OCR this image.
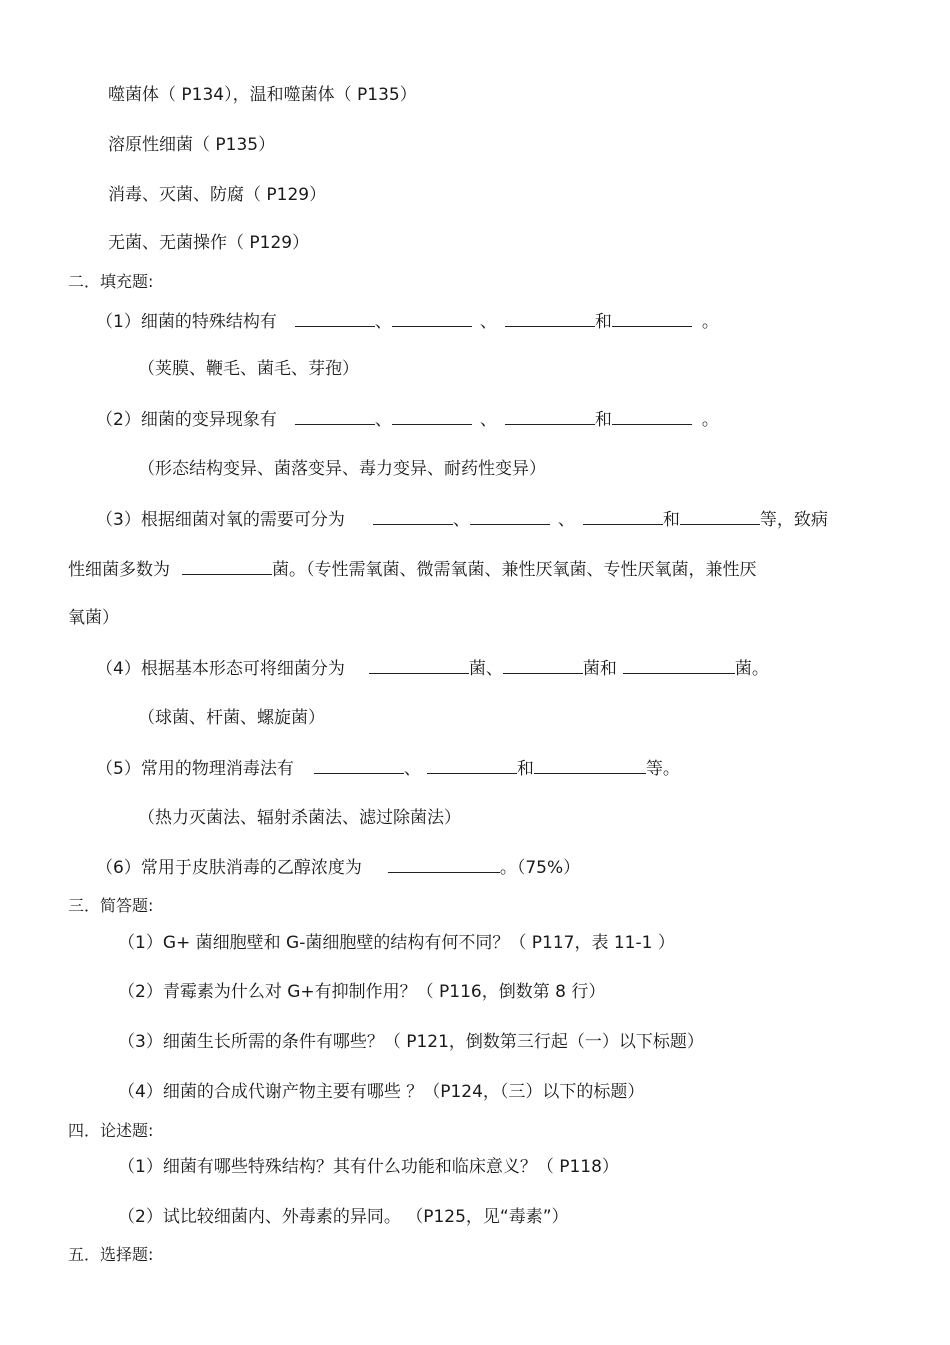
噬菌体（ P134），温和噬菌体（ P135）
溶原性细菌（ P135）
消毒、灭菌、防腐（ P129）
无菌、无菌操作（ P129）
二．填充题:
（1）细菌的特殊结构有	、	、	和	。
（荚膜、鞭毛、菌毛、芽孢）
（2）细菌的变异现象有	、	、	和	。
（形态结构变异、菌落变异、毒力变异、耐药性变异）
（3）根据细菌对氧的需要可分为	、	、	和	等，致病
性细菌多数为	菌。（专性需氧菌、微需氧菌、兼性厌氧菌、专性厌氧菌，兼性厌
氧菌）
（4）根据基本形态可将细菌分为	菌、	菌和	菌。
（球菌、杆菌、螺旋菌）
（5）常用的物理消毒法有	、	和	等。
（热力灭菌法、辐射杀菌法、滤过除菌法）
（6）常用于皮肤消毒的乙醇浓度为	。（75%）
三．简答题:
（1）G+ 菌细胞壁和 G-菌细胞壁的结构有何不同？（ P117，表 11-1 ）
（2）青霉素为什么对 G+有抑制作用？（ P116，倒数第 8 行）
（3）细菌生长所需的条件有哪些？（ P121，倒数第三行起（一）以下标题）
（4）细菌的合成代谢产物主要有哪些 ？（P124，（三）以下的标题）
四．论述题:
（1）细菌有哪些特殊结构？其有什么功能和临床意义？（ P118）
（2）试比较细菌内、外毒素的异同。 （P125，见“毒素”）
五．选择题:
